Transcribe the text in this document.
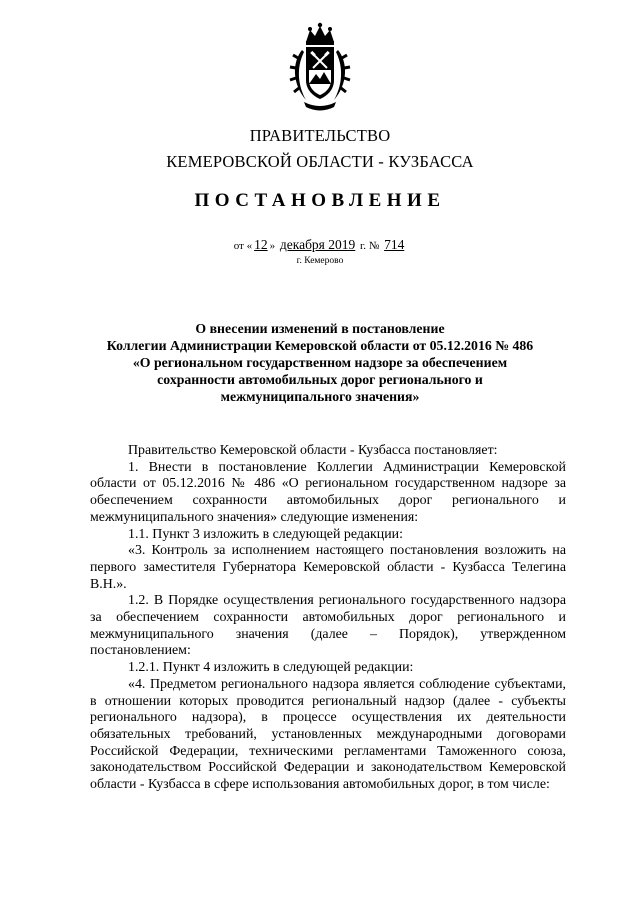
ПРАВИТЕЛЬСТВО
КЕМЕРОВСКОЙ ОБЛАСТИ - КУЗБАССА
ПОСТАНОВЛЕНИЕ
от « 12 » декабря 2019 г. № 714
г. Кемерово
О внесении изменений в постановление
Коллегии Администрации Кемеровской области от 05.12.2016 № 486
«О региональном государственном надзоре за обеспечением
сохранности автомобильных дорог регионального и
межмуниципального значения»
Правительство Кемеровской области - Кузбасса постановляет:
1. Внести в постановление Коллегии Администрации Кемеровской области от 05.12.2016 № 486 «О региональном государственном надзоре за обеспечением сохранности автомобильных дорог регионального и межмуниципального значения» следующие изменения:
1.1. Пункт 3 изложить в следующей редакции:
«3. Контроль за исполнением настоящего постановления возложить на первого заместителя Губернатора Кемеровской области - Кузбасса Телегина В.Н.».
1.2. В Порядке осуществления регионального государственного надзора за обеспечением сохранности автомобильных дорог регионального и межмуниципального значения (далее – Порядок), утвержденном постановлением:
1.2.1. Пункт 4 изложить в следующей редакции:
«4. Предметом регионального надзора является соблюдение субъектами, в отношении которых проводится региональный надзор (далее - субъекты регионального надзора), в процессе осуществления их деятельности обязательных требований, установленных международными договорами Российской Федерации, техническими регламентами Таможенного союза, законодательством Российской Федерации и законодательством Кемеровской области - Кузбасса в сфере использования автомобильных дорог, в том числе:
